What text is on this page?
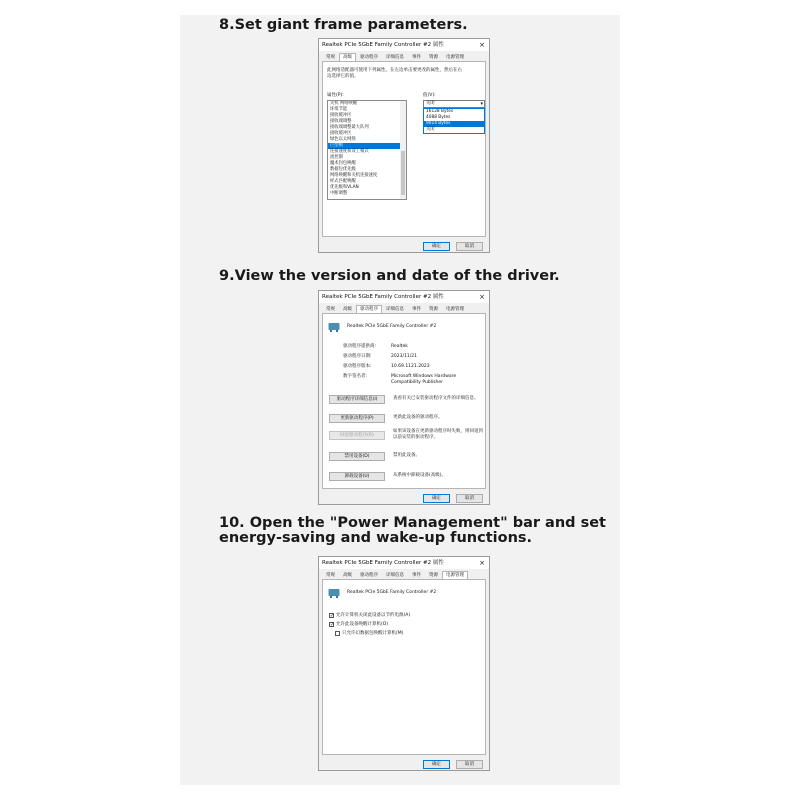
8.Set giant frame parameters.
Realtek PCIe 5GbE Family Controller #2 属性	×
常规	高级	驱动程序	详细信息	事件	资源	电源管理
此网络适配器可使用下列属性。在左边单击要更改的属性，然后在右
边选择它的值。
属性(P):	值(V):
关机 网络唤醒
环境节能
接收缓冲区
接收端调整
接收端调整最大队列
接收缓冲区
绿色以太网络
巨型帧
连接速度和双工模式
流控制
魔术封包唤醒
数据包优先级
网络唤醒和关机连接速度
样式匹配唤醒
优先级和VLAN
中断调整
关闭	▾
16128 Bytes
4088 Bytes
9014 Bytes
关闭
确定	取消
9.View the version and date of the driver.
Realtek PCIe 5GbE Family Controller #2 属性	×
常规	高级	驱动程序	详细信息	事件	资源	电源管理
Realtek PCIe 5GbE Family Controller #2
驱动程序提供商:	Realtek
驱动程序日期:	2023/11/21
驱动程序版本:	10.69.1121.2023
数字签名者:	Microsoft Windows Hardware
Compatibility Publisher
驱动程序详细信息(I)	查看有关已安装驱动程序文件的详细信息。
更新驱动程序(P)	更新此设备的驱动程序。
回退驱动程序(R)
如果该设备在更新驱动程序时失败，则回退到
以前安装的驱动程序。
禁用设备(D)	禁用此设备。
卸载设备(U)	从系统中卸载设备(高级)。
确定	取消
10. Open the "Power Management" bar and set
energy-saving and wake-up functions.
Realtek PCIe 5GbE Family Controller #2 属性	×
常规	高级	驱动程序	详细信息	事件	资源	电源管理
Realtek PCIe 5GbE Family Controller #2
✓ 允许计算机关闭此设备以节约电源(A)
✓ 允许此设备唤醒计算机(O)
只允许幻数据包唤醒计算机(M)
确定	取消
